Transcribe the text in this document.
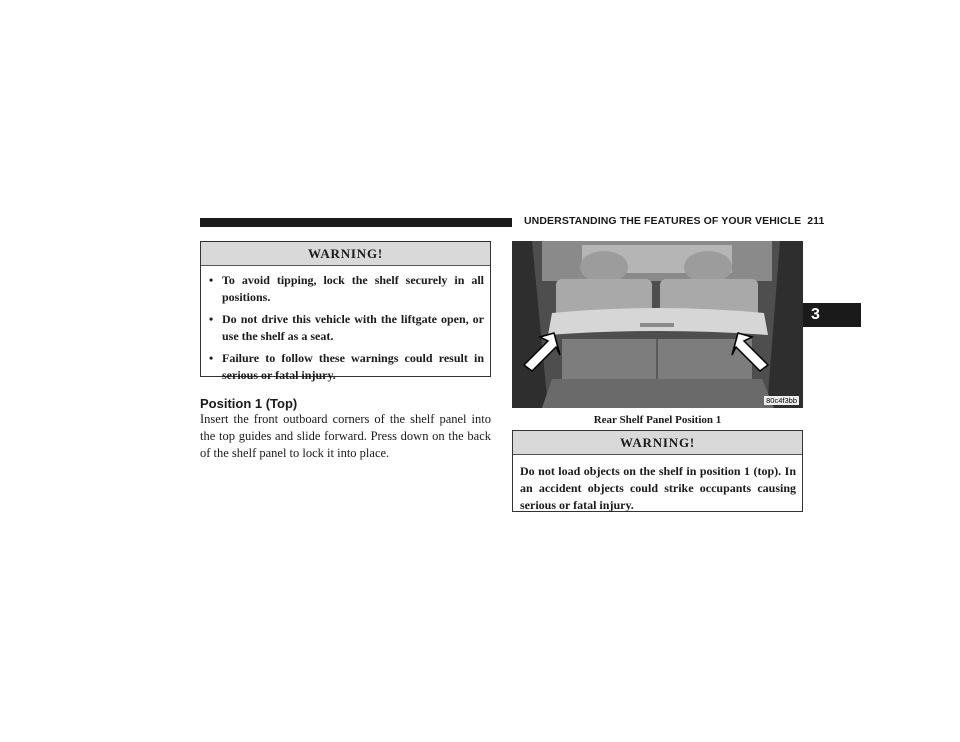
UNDERSTANDING THE FEATURES OF YOUR VEHICLE 211
3
WARNING!
• To avoid tipping, lock the shelf securely in all positions.
• Do not drive this vehicle with the liftgate open, or use the shelf as a seat.
• Failure to follow these warnings could result in serious or fatal injury.
Position 1 (Top)
Insert the front outboard corners of the shelf panel into the top guides and slide forward. Press down on the back of the shelf panel to lock it into place.
80c4f3bb
Rear Shelf Panel Position 1
WARNING!
Do not load objects on the shelf in position 1 (top). In an accident objects could strike occupants causing serious or fatal injury.
